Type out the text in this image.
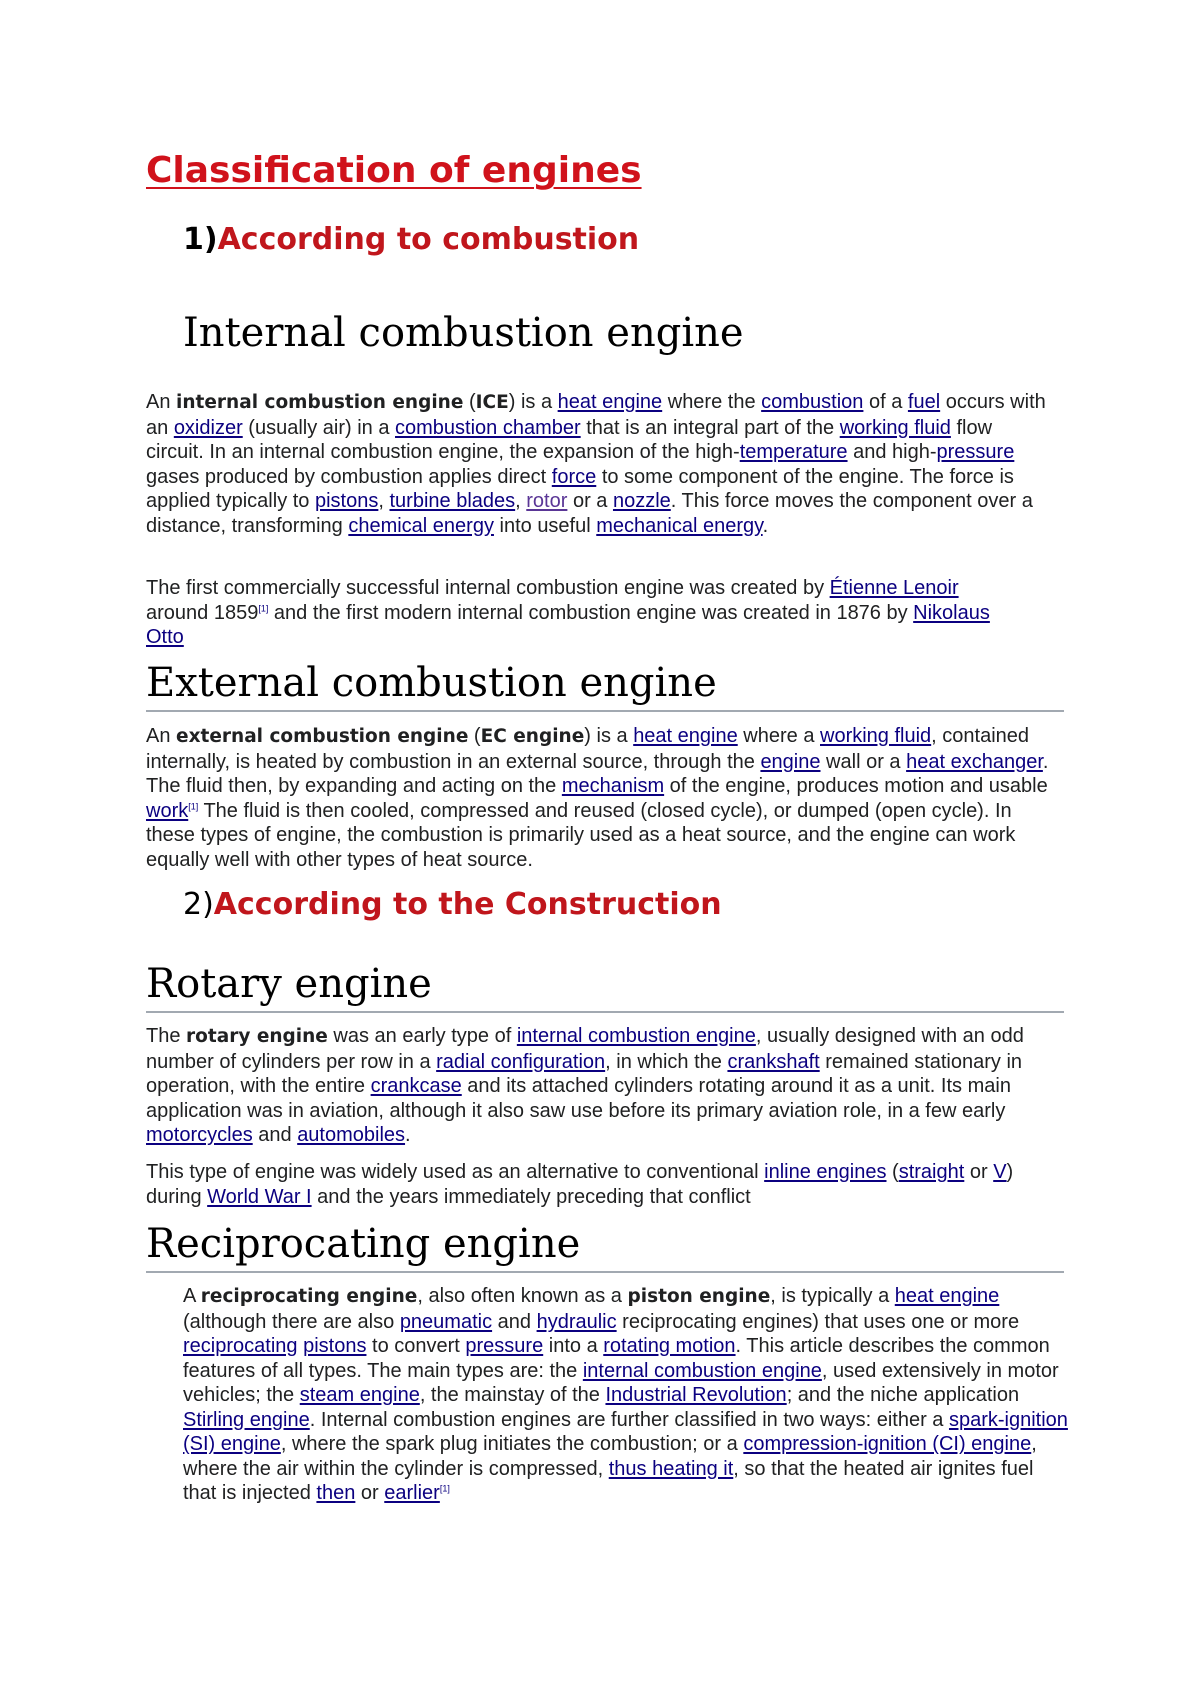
Classification of engines
1)According to combustion
Internal combustion engine

An internal combustion engine (ICE) is a heat engine where the combustion of a fuel occurs with an oxidizer (usually air) in a combustion chamber that is an integral part of the working fluid flow circuit. In an internal combustion engine, the expansion of the high-temperature and high-pressure gases produced by combustion applies direct force to some component of the engine. The force is applied typically to pistons, turbine blades, rotor or a nozzle. This force moves the component over a distance, transforming chemical energy into useful mechanical energy.

The first commercially successful internal combustion engine was created by Étienne Lenoir around 1859[1] and the first modern internal combustion engine was created in 1876 by Nikolaus Otto

External combustion engine

An external combustion engine (EC engine) is a heat engine where a working fluid, contained internally, is heated by combustion in an external source, through the engine wall or a heat exchanger. The fluid then, by expanding and acting on the mechanism of the engine, produces motion and usable work[1] The fluid is then cooled, compressed and reused (closed cycle), or dumped (open cycle). In these types of engine, the combustion is primarily used as a heat source, and the engine can work equally well with other types of heat source.

2)According to the Construction
Rotary engine

The rotary engine was an early type of internal combustion engine, usually designed with an odd number of cylinders per row in a radial configuration, in which the crankshaft remained stationary in operation, with the entire crankcase and its attached cylinders rotating around it as a unit. Its main application was in aviation, although it also saw use before its primary aviation role, in a few early motorcycles and automobiles.

This type of engine was widely used as an alternative to conventional inline engines (straight or V) during World War I and the years immediately preceding that conflict

Reciprocating engine

A reciprocating engine, also often known as a piston engine, is typically a heat engine (although there are also pneumatic and hydraulic reciprocating engines) that uses one or more reciprocating pistons to convert pressure into a rotating motion. This article describes the common features of all types. The main types are: the internal combustion engine, used extensively in motor vehicles; the steam engine, the mainstay of the Industrial Revolution; and the niche application Stirling engine. Internal combustion engines are further classified in two ways: either a spark-ignition (SI) engine, where the spark plug initiates the combustion; or a compression-ignition (CI) engine, where the air within the cylinder is compressed, thus heating it, so that the heated air ignites fuel that is injected then or earlier[1]
